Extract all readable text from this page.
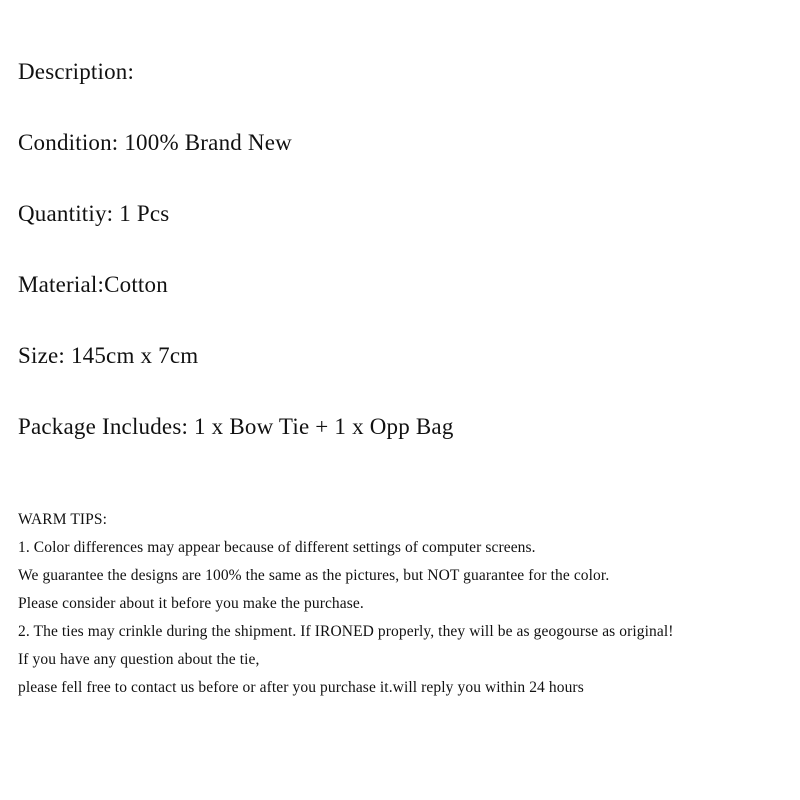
Description:
Condition: 100% Brand New
Quantitiy: 1 Pcs
Material:Cotton
Size: 145cm x 7cm
Package Includes: 1 x Bow Tie + 1 x Opp Bag
WARM TIPS:
1. Color differences may appear because of different settings of computer screens.
We guarantee the designs are 100% the same as the pictures, but NOT guarantee for the color.
Please consider about it before you make the purchase.
2. The ties may crinkle during the shipment. If IRONED properly, they will be as geogourse as original!
If you have any question about the tie,
please fell free to contact us before or after you purchase it.will reply you within 24 hours
